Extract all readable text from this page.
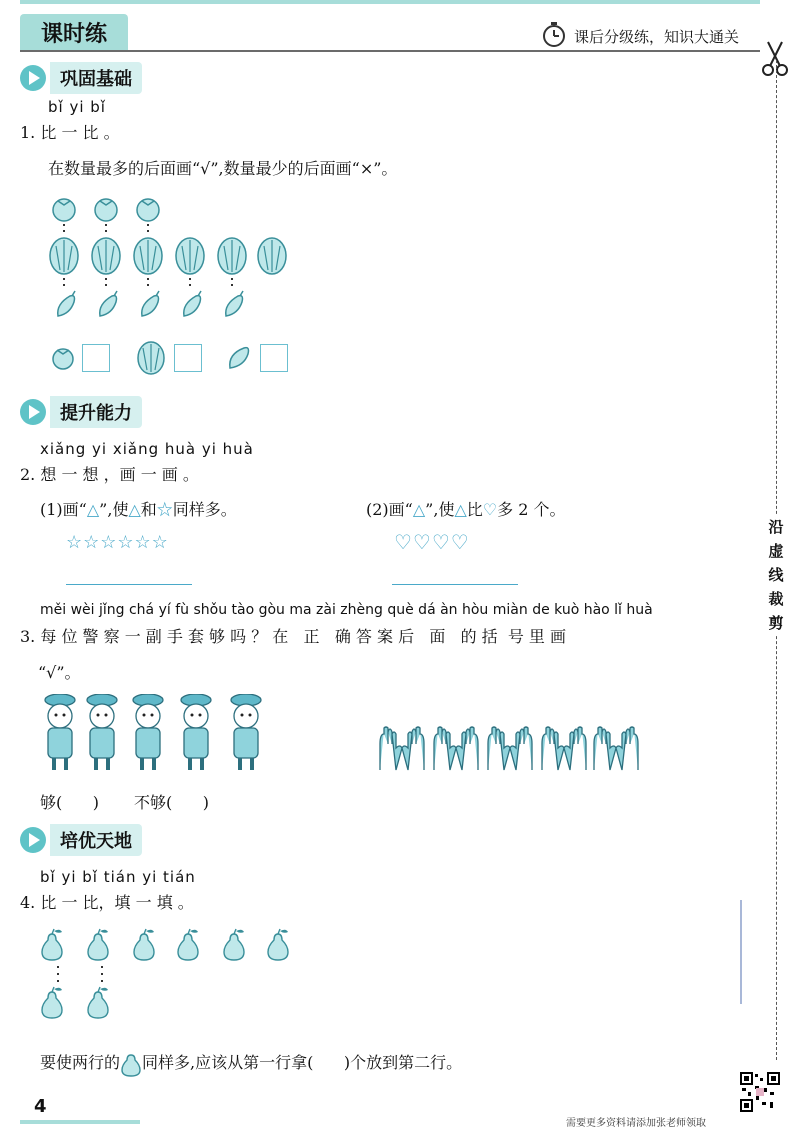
课时练	课后分级练，知识大通关
沿虚线裁剪
巩固基础
bǐ yi bǐ
1. 比 一 比 。
在数量最多的后面画“√”,数量最少的后面画“×”。
提升能力
xiǎng yi xiǎng huà yi huà
2. 想 一 想 ，画 一 画 。
(1)画“△”,使△和☆同样多。
☆☆☆☆☆☆
(2)画“△”,使△比♡多 2 个。
♡♡♡♡
měi wèi jǐng chá yí fù shǒu tào gòu ma zài zhèng què dá àn hòu miàn de kuò hào lǐ huà
3. 每 位 警 察 一 副 手 套 够 吗 ？ 在   正   确 答 案 后   面   的 括  号 里 画
“√”。
够(      ) 不够(      )
培优天地
bǐ yi bǐ tián yi tián
4. 比 一 比，填 一 填 。
要使两行的 同样多,应该从第一行拿(      )个放到第二行。
4
需要更多资料请添加张老师领取
